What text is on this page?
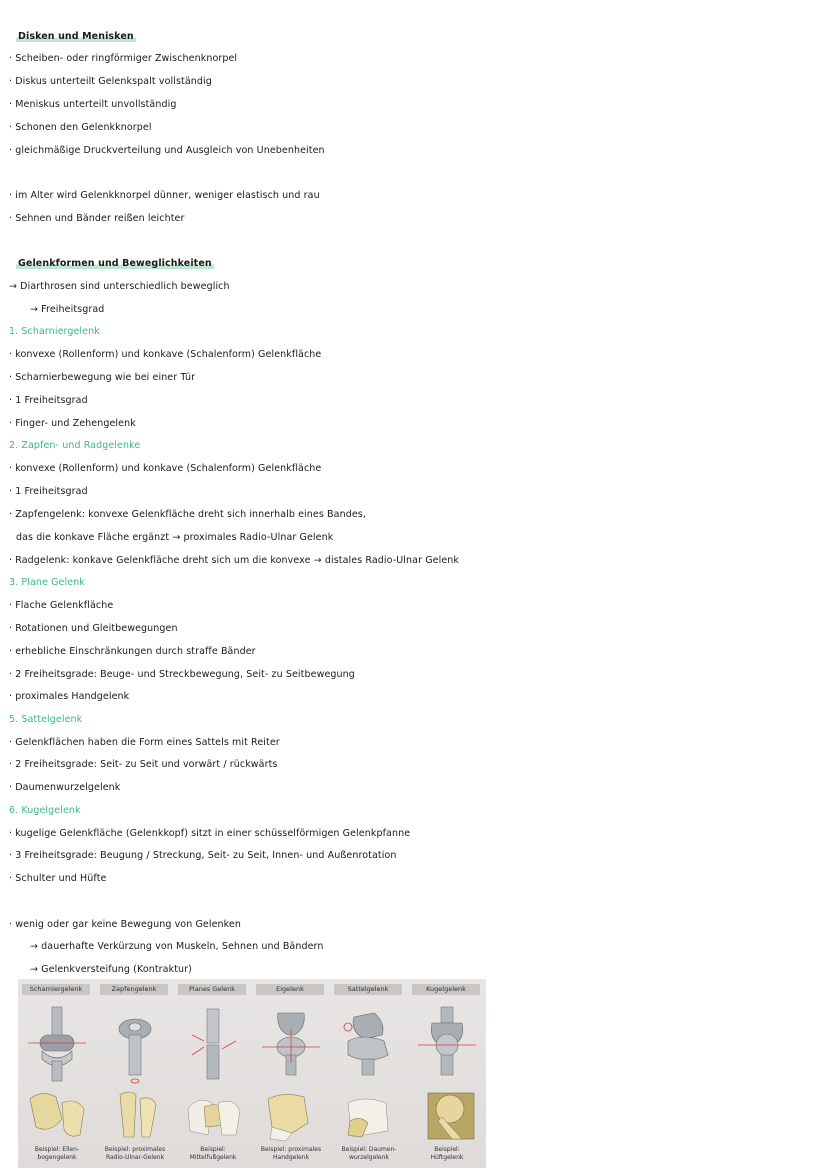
Disken und Menisken
· Scheiben- oder ringförmiger Zwischenknorpel
· Diskus unterteilt Gelenkspalt vollständig
· Meniskus unterteilt unvollständig
· Schonen den Gelenkknorpel
· gleichmäßige Druckverteilung und Ausgleich von Unebenheiten
· im Alter wird Gelenkknorpel dünner, weniger elastisch und rau
· Sehnen und Bänder reißen leichter
Gelenkformen und Beweglichkeiten
→ Diarthrosen sind unterschiedlich beweglich
→ Freiheitsgrad
1. Scharniergelenk
· konvexe (Rollenform) und konkave (Schalenform) Gelenkfläche
· Scharnierbewegung wie bei einer Tür
· 1 Freiheitsgrad
· Finger- und Zehengelenk
2. Zapfen- und Radgelenke
· konvexe (Rollenform) und konkave (Schalenform) Gelenkfläche
· 1 Freiheitsgrad
· Zapfengelenk: konvexe Gelenkfläche dreht sich innerhalb eines Bandes,
das die konkave Fläche ergänzt → proximales Radio-Ulnar Gelenk
· Radgelenk: konkave Gelenkfläche dreht sich um die konvexe → distales Radio-Ulnar Gelenk
3. Plane Gelenk
· Flache Gelenkfläche
· Rotationen und Gleitbewegungen
· erhebliche Einschränkungen durch straffe Bänder
· 2 Freiheitsgrade: Beuge- und Streckbewegung, Seit- zu Seitbewegung
· proximales Handgelenk
5. Sattelgelenk
· Gelenkflächen haben die Form eines Sattels mit Reiter
· 2 Freiheitsgrade: Seit- zu Seit und vorwärt / rückwärts
· Daumenwurzelgelenk
6. Kugelgelenk
· kugelige Gelenkfläche (Gelenkkopf) sitzt in einer schüsselförmigen Gelenkpfanne
· 3 Freiheitsgrade: Beugung / Streckung, Seit- zu Seit, Innen- und Außenrotation
· Schulter und Hüfte
· wenig oder gar keine Bewegung von Gelenken
→ dauerhafte Verkürzung von Muskeln, Sehnen und Bändern
→ Gelenkversteifung (Kontraktur)
Scharniergelenk
Beispiel: Ellen-
bogengelenk
Zapfengelenk
Beispiel: proximales
Radio-Ulnar-Gelenk
Planes Gelenk
Beispiel:
Mittelfußgelenk
Eigelenk
Beispiel: proximales
Handgelenk
Sattelgelenk
Beispiel: Daumen-
wurzelgelenk
Kugelgelenk
Beispiel:
Hüftgelenk
